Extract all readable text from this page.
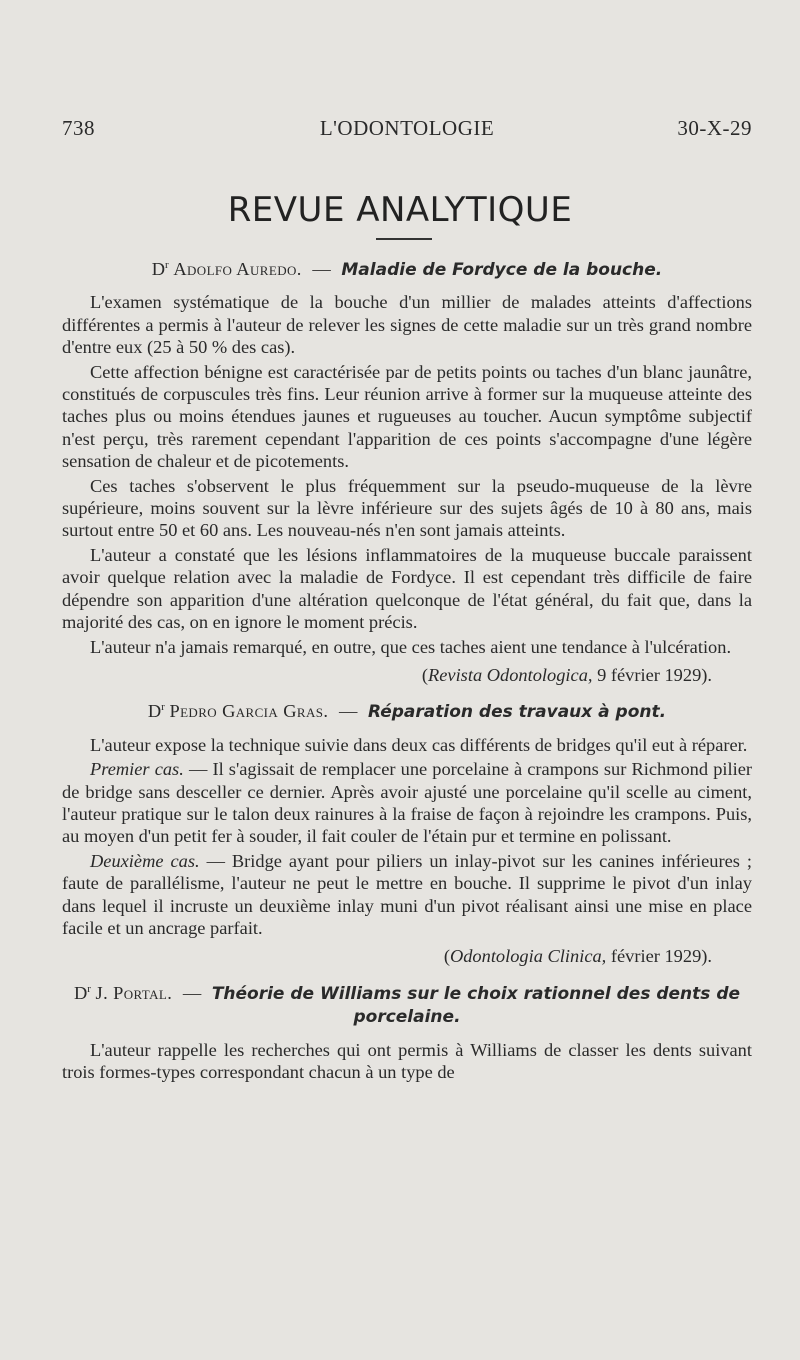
738	L'ODONTOLOGIE	30-X-29
REVUE ANALYTIQUE
$D^r$ Adolfo Auredo. — Maladie de Fordyce de la bouche.

L'examen systématique de la bouche d'un millier de malades atteints d'affections différentes a permis à l'auteur de relever les signes de cette maladie sur un très grand nombre d'entre eux (25 à 50 % des cas).

Cette affection bénigne est caractérisée par de petits points ou taches d'un blanc jaunâtre, constitués de corpuscules très fins. Leur réunion arrive à former sur la muqueuse atteinte des taches plus ou moins étendues jaunes et rugueuses au toucher. Aucun symptôme subjectif n'est perçu, très rarement cependant l'apparition de ces points s'accompagne d'une légère sensation de chaleur et de picotements.

Ces taches s'observent le plus fréquemment sur la pseudo-muqueuse de la lèvre supérieure, moins souvent sur la lèvre inférieure sur des sujets âgés de 10 à 80 ans, mais surtout entre 50 et 60 ans. Les nouveau-nés n'en sont jamais atteints.

L'auteur a constaté que les lésions inflammatoires de la muqueuse buccale paraissent avoir quelque relation avec la maladie de Fordyce. Il est cependant très difficile de faire dépendre son apparition d'une altération quelconque de l'état général, du fait que, dans la majorité des cas, on en ignore le moment précis.

L'auteur n'a jamais remarqué, en outre, que ces taches aient une tendance à l'ulcération.

(Revista Odontologica, 9 février 1929).
$D^r$ Pedro Garcia Gras. — Réparation des travaux à pont.

L'auteur expose la technique suivie dans deux cas différents de bridges qu'il eut à réparer.

Premier cas. — Il s'agissait de remplacer une porcelaine à crampons sur Richmond pilier de bridge sans desceller ce dernier. Après avoir ajusté une porcelaine qu'il scelle au ciment, l'auteur pratique sur le talon deux rainures à la fraise de façon à rejoindre les crampons. Puis, au moyen d'un petit fer à souder, il fait couler de l'étain pur et termine en polissant.

Deuxième cas. — Bridge ayant pour piliers un inlay-pivot sur les canines inférieures ; faute de parallélisme, l'auteur ne peut le mettre en bouche. Il supprime le pivot d'un inlay dans lequel il incruste un deuxième inlay muni d'un pivot réalisant ainsi une mise en place facile et un ancrage parfait.

(Odontologia Clinica, février 1929).
$D^r$ J. Portal. — Théorie de Williams sur le choix rationnel des dents de porcelaine.

L'auteur rappelle les recherches qui ont permis à Williams de classer les dents suivant trois formes-types correspondant chacun à un type de
